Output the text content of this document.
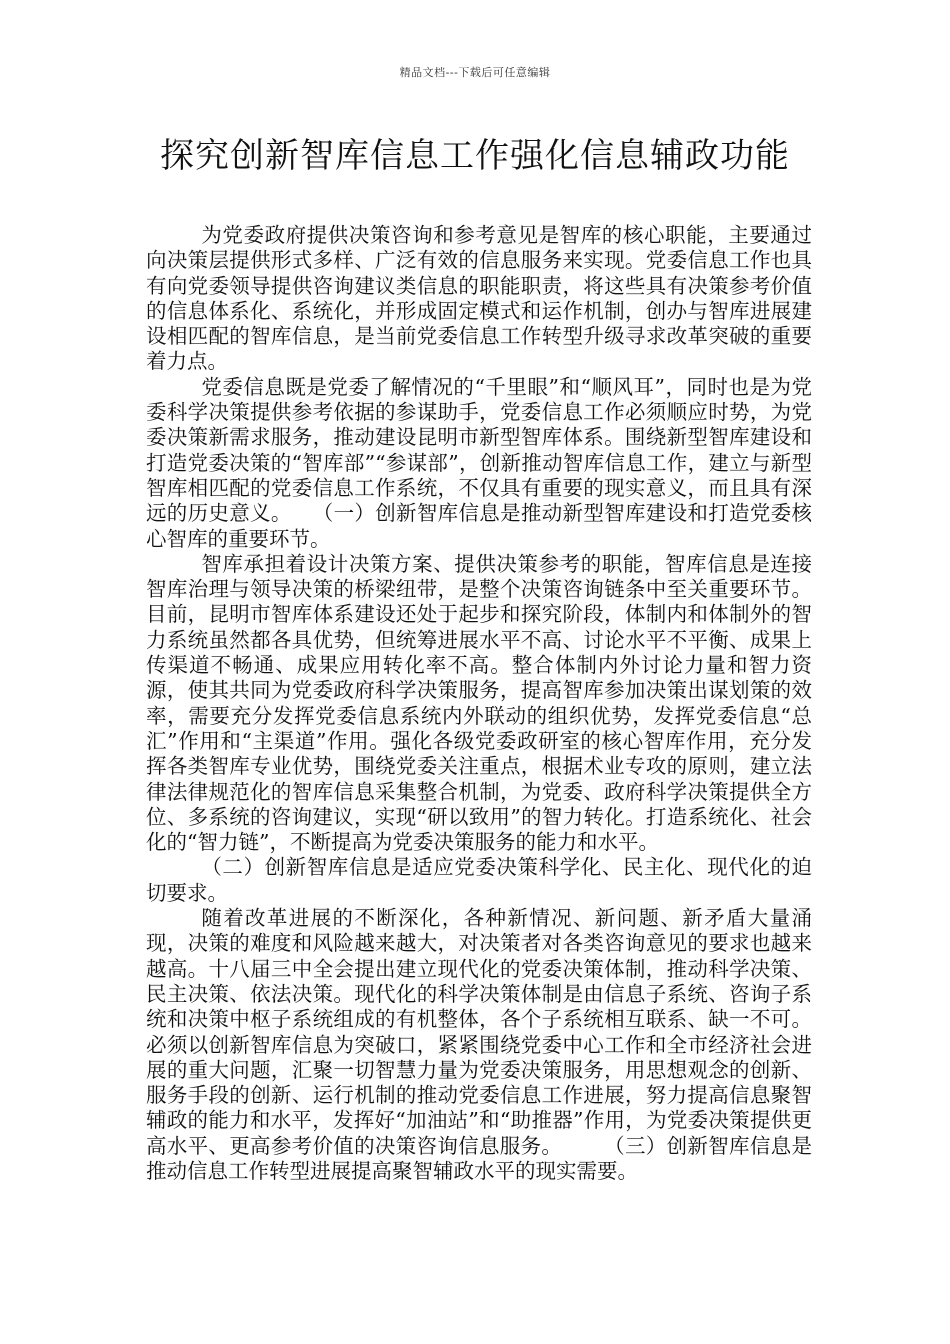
精品文档---下载后可任意编辑
探究创新智库信息工作强化信息辅政功能

为党委政府提供决策咨询和参考意见是智库的核心职能，主要通过向决策层提供形式多样、广泛有效的信息服务来实现。党委信息工作也具有向党委领导提供咨询建议类信息的职能职责，将这些具有决策参考价值的信息体系化、系统化，并形成固定模式和运作机制，创办与智库进展建设相匹配的智库信息，是当前党委信息工作转型升级寻求改革突破的重要着力点。

党委信息既是党委了解情况的“千里眼”和“顺风耳”，同时也是为党委科学决策提供参考依据的参谋助手，党委信息工作必须顺应时势，为党委决策新需求服务，推动建设昆明市新型智库体系。围绕新型智库建设和打造党委决策的“智库部”“参谋部”，创新推动智库信息工作，建立与新型智库相匹配的党委信息工作系统，不仅具有重要的现实意义，而且具有深远的历史意义。　　（一）创新智库信息是推动新型智库建设和打造党委核心智库的重要环节。

智库承担着设计决策方案、提供决策参考的职能，智库信息是连接智库治理与领导决策的桥梁纽带，是整个决策咨询链条中至关重要环节。目前，昆明市智库体系建设还处于起步和探究阶段，体制内和体制外的智力系统虽然都各具优势，但统筹进展水平不高、讨论水平不平衡、成果上传渠道不畅通、成果应用转化率不高。整合体制内外讨论力量和智力资源，使其共同为党委政府科学决策服务，提高智库参加决策出谋划策的效率，需要充分发挥党委信息系统内外联动的组织优势，发挥党委信息“总汇”作用和“主渠道”作用。强化各级党委政研室的核心智库作用，充分发挥各类智库专业优势，围绕党委关注重点，根据术业专攻的原则，建立法律法律规范化的智库信息采集整合机制，为党委、政府科学决策提供全方位、多系统的咨询建议，实现“研以致用”的智力转化。打造系统化、社会化的“智力链”，不断提高为党委决策服务的能力和水平。

（二）创新智库信息是适应党委决策科学化、民主化、现代化的迫切要求。

随着改革进展的不断深化，各种新情况、新问题、新矛盾大量涌现，决策的难度和风险越来越大，对决策者对各类咨询意见的要求也越来越高。十八届三中全会提出建立现代化的党委决策体制，推动科学决策、民主决策、依法决策。现代化的科学决策体制是由信息子系统、咨询子系统和决策中枢子系统组成的有机整体，各个子系统相互联系、缺一不可。必须以创新智库信息为突破口，紧紧围绕党委中心工作和全市经济社会进展的重大问题，汇聚一切智慧力量为党委决策服务，用思想观念的创新、服务手段的创新、运行机制的推动党委信息工作进展，努力提高信息聚智辅政的能力和水平，发挥好“加油站”和“助推器”作用，为党委决策提供更高水平、更高参考价值的决策咨询信息服务。　　　（三）创新智库信息是推动信息工作转型进展提高聚智辅政水平的现实需要。
